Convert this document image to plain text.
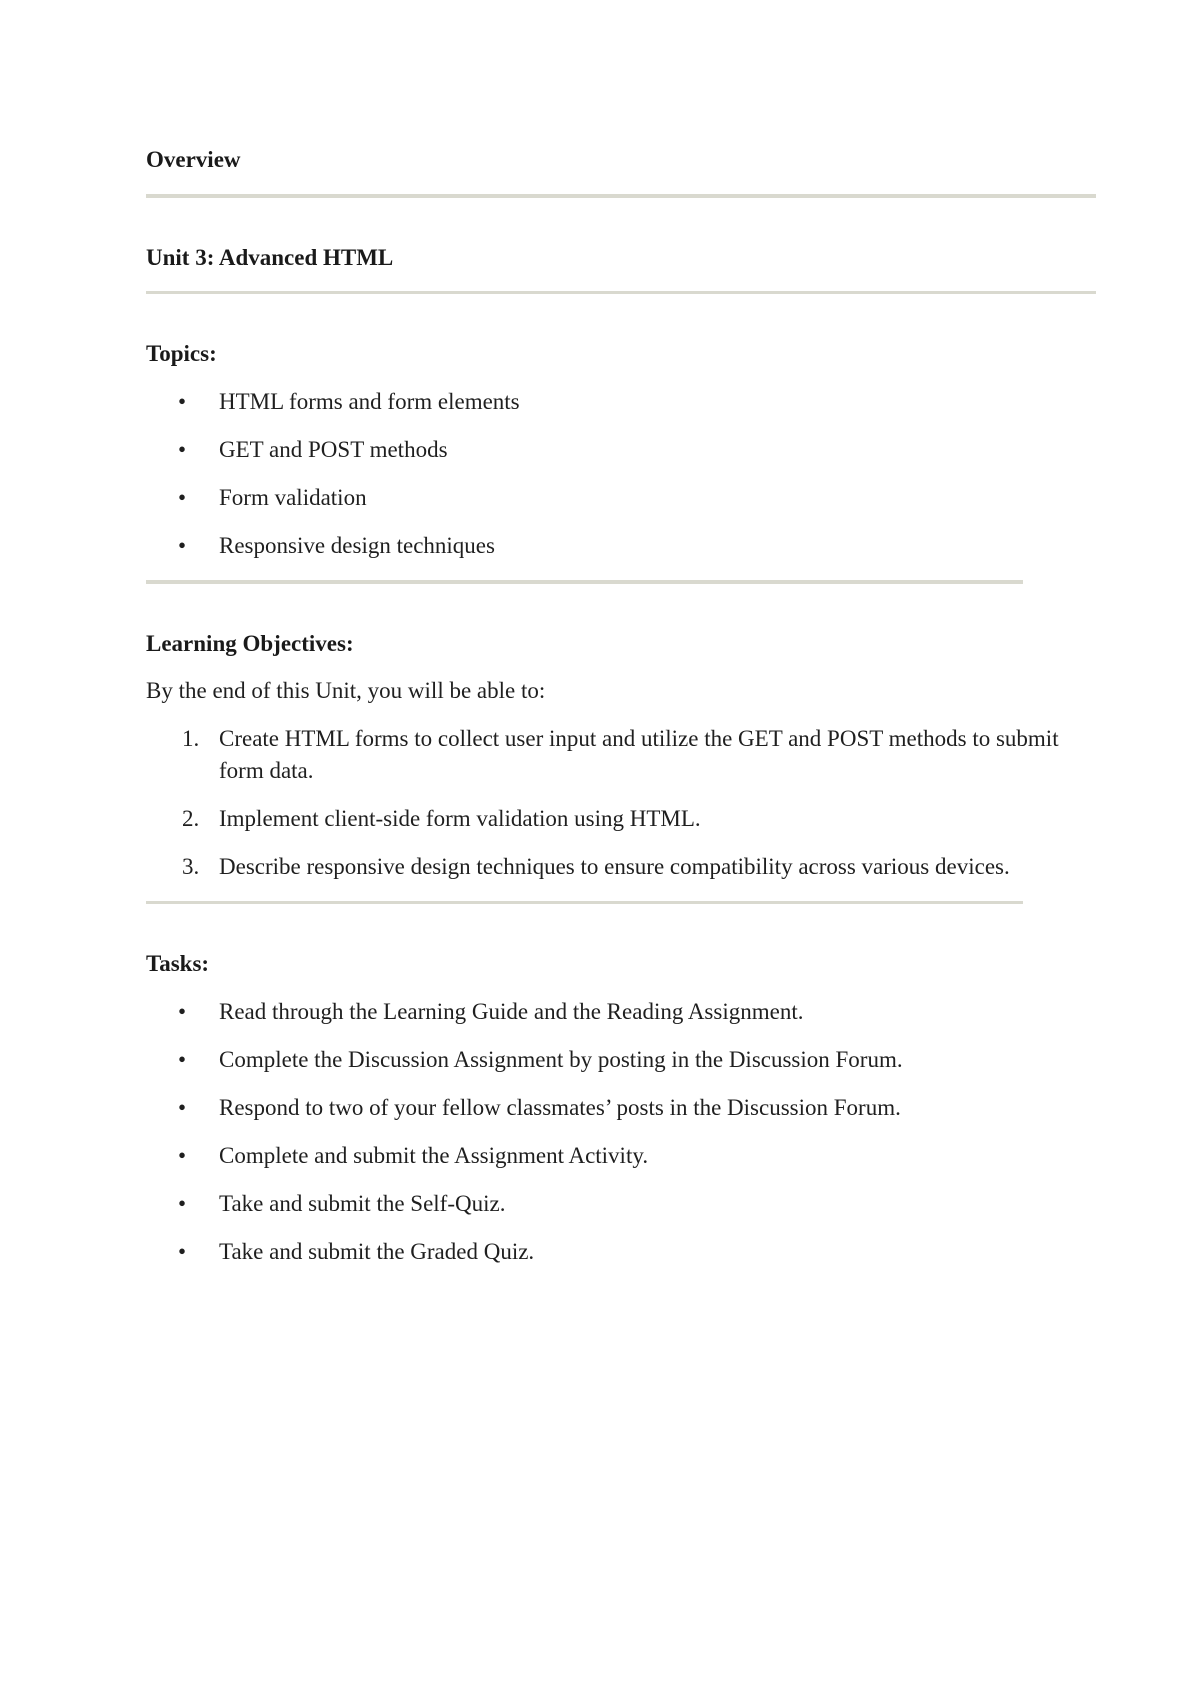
Overview
Unit 3: Advanced HTML
Topics:
• HTML forms and form elements
• GET and POST methods
• Form validation
• Responsive design techniques
Learning Objectives:

By the end of this Unit, you will be able to:

1. Create HTML forms to collect user input and utilize the GET and POST methods to submit form data.
2. Implement client-side form validation using HTML.
3. Describe responsive design techniques to ensure compatibility across various devices.
Tasks:
• Read through the Learning Guide and the Reading Assignment.
• Complete the Discussion Assignment by posting in the Discussion Forum.
• Respond to two of your fellow classmates’ posts in the Discussion Forum.
• Complete and submit the Assignment Activity.
• Take and submit the Self-Quiz.
• Take and submit the Graded Quiz.
